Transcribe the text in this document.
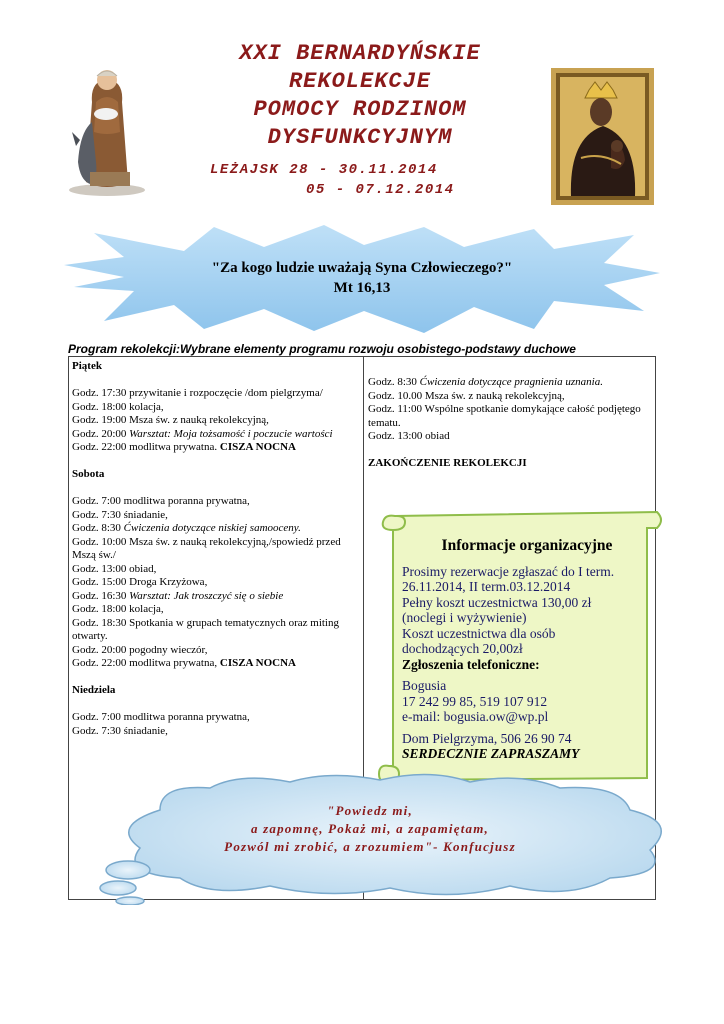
XXI BERNARDYŃSKIE
REKOLEKCJE
POMOCY RODZINOM
DYSFUNKCYJNYM
LEŻAJSK 28 - 30.11.2014
05 - 07.12.2014
"Za kogo ludzie uważają Syna Człowieczego?"
Mt 16,13
Program rekolekcji:Wybrane elementy programu rozwoju osobistego-podstawy duchowe

Piątek

Godz. 17:30 przywitanie i rozpoczęcie /dom pielgrzyma/

Godz. 18:00 kolacja,

Godz. 19:00 Msza św. z nauką rekolekcyjną,

Godz. 20:00 Warsztat: Moja tożsamość i poczucie wartości

Godz. 22:00 modlitwa prywatna. CISZA NOCNA

Sobota

Godz. 7:00 modlitwa poranna prywatna,

Godz. 7:30 śniadanie,

Godz. 8:30 Ćwiczenia dotyczące niskiej samooceny.

Godz. 10:00 Msza św. z nauką rekolekcyjną,/spowiedź przed Mszą św./

Godz. 13:00 obiad,

Godz. 15:00 Droga Krzyżowa,

Godz. 16:30 Warsztat: Jak troszczyć się o siebie

Godz. 18:00 kolacja,

Godz. 18:30 Spotkania w grupach tematycznych oraz miting otwarty.

Godz. 20:00 pogodny wieczór,

Godz. 22:00 modlitwa prywatna, CISZA NOCNA

Niedziela

Godz. 7:00 modlitwa poranna prywatna,

Godz. 7:30 śniadanie,

Godz. 8:30 Ćwiczenia dotyczące pragnienia uznania.

Godz. 10.00 Msza św. z nauką rekolekcyjną,

Godz. 11:00 Wspólne spotkanie domykające całość podjętego tematu.

Godz. 13:00 obiad

ZAKOŃCZENIE REKOLEKCJI

Informacje organizacyjne

Prosimy rezerwacje zgłaszać do I term.

26.11.2014, II term.03.12.2014

Pełny koszt uczestnictwa 130,00 zł

(noclegi i wyżywienie)

Koszt uczestnictwa dla osób

dochodzących 20,00zł

Zgłoszenia telefoniczne:

Bogusia

17 242 99 85, 519 107 912

e-mail: bogusia.ow@wp.pl

Dom Pielgrzyma, 506 26 90 74

SERDECZNIE ZAPRASZAMY

"Powiedz mi,
a zapomnę, Pokaż mi, a zapamiętam,
Pozwól mi zrobić, a zrozumiem"- Konfucjusz
